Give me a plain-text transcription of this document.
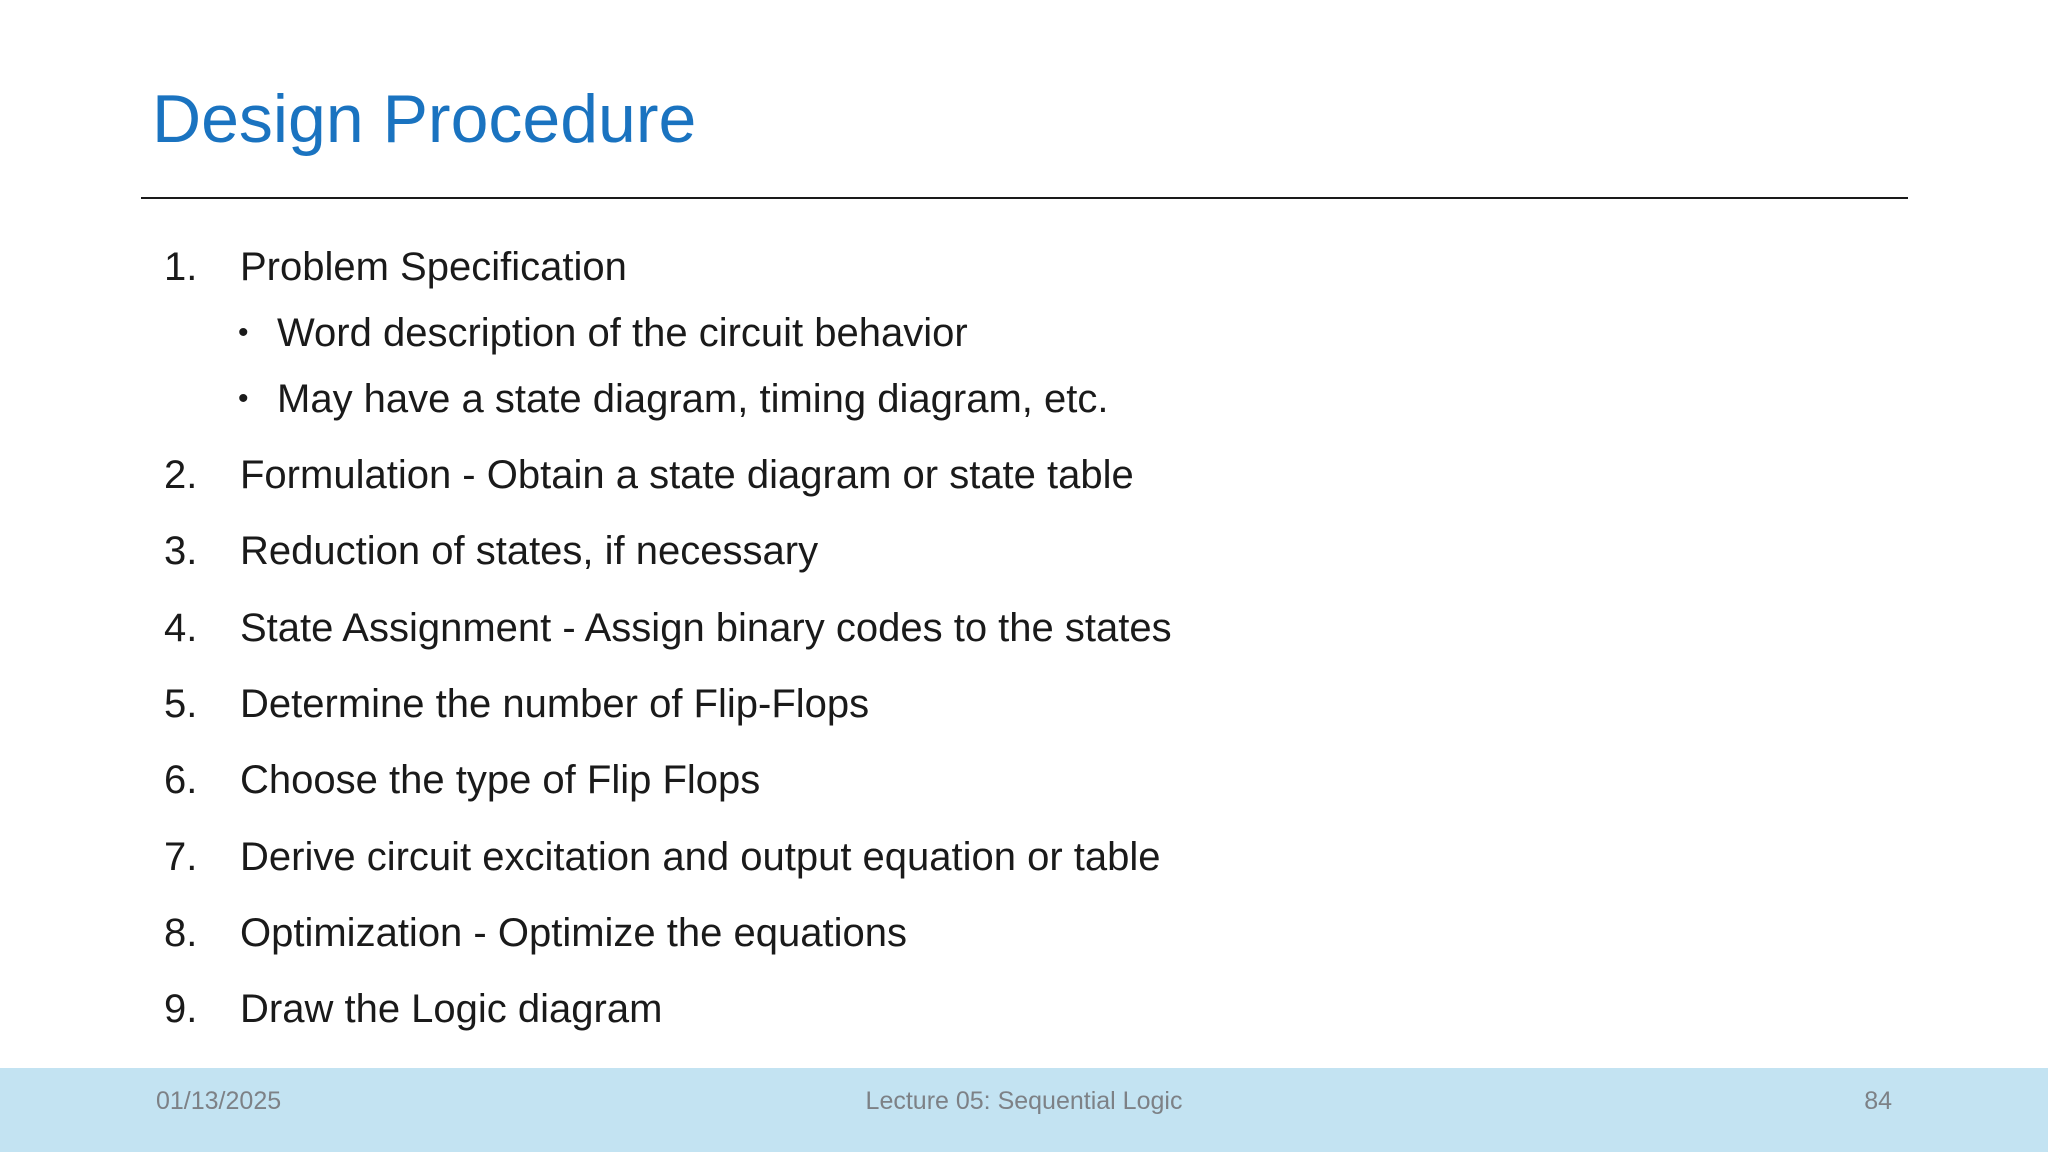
Design Procedure
1.	Problem Specification
• Word description of the circuit behavior
• May have a state diagram, timing diagram, etc.
2.	Formulation - Obtain a state diagram or state table
3.	Reduction of states, if necessary
4.	State Assignment - Assign binary codes to the states
5.	Determine the number of Flip-Flops
6.	Choose the type of Flip Flops
7.	Derive circuit excitation and output equation or table
8.	Optimization - Optimize the equations
9.	Draw the Logic diagram
01/13/2025	Lecture 05: Sequential Logic	84
